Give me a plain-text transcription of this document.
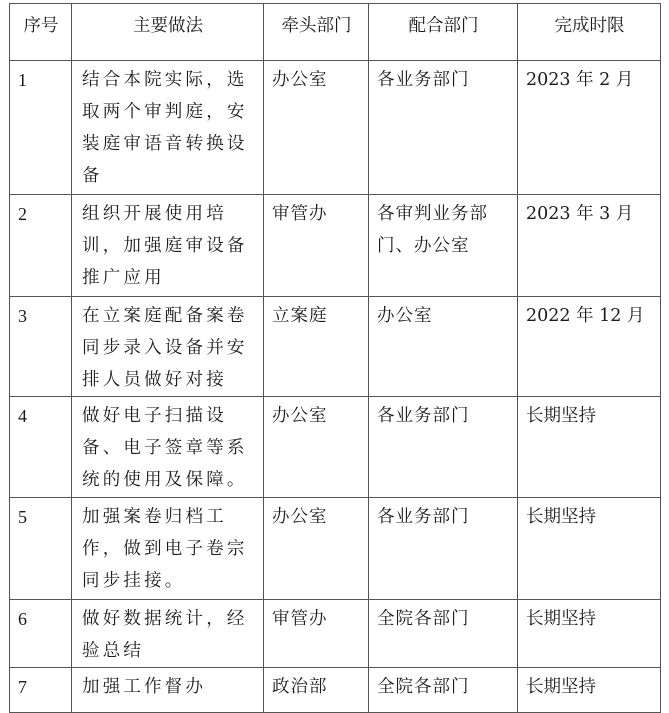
序号	主要做法	牵头部门	配合部门	完成时限
1	结合本院实际，选取两个审判庭，安装庭审语音转换设备	办公室	各业务部门	2023 年 2 月
2	组织开展使用培训，加强庭审设备推广应用	审管办	各审判业务部门、办公室	2023 年 3 月
3	在立案庭配备案卷同步录入设备并安排人员做好对接	立案庭	办公室	2022 年 12 月
4	做好电子扫描设备、电子签章等系统的使用及保障。	办公室	各业务部门	长期坚持
5	加强案卷归档工作，做到电子卷宗同步挂接。	办公室	各业务部门	长期坚持
6	做好数据统计，经验总结	审管办	全院各部门	长期坚持
7	加强工作督办	政治部	全院各部门	长期坚持
